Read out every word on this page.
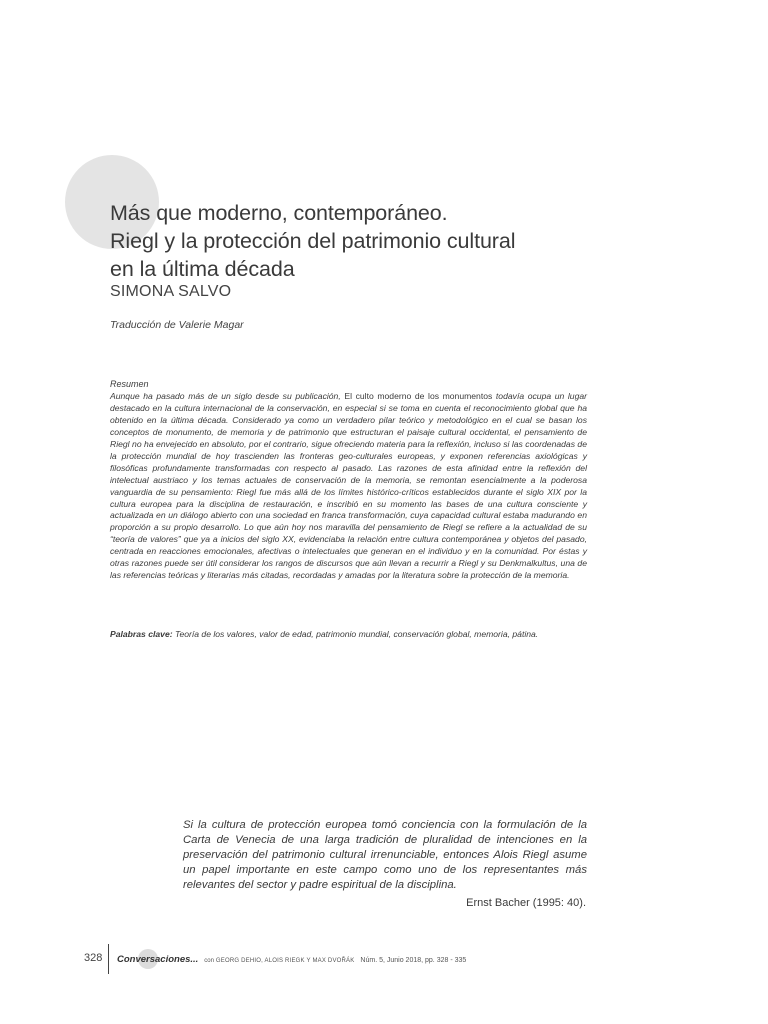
Más que moderno, contemporáneo.
Riegl y la protección del patrimonio cultural
en la última década
SIMONA SALVO
Traducción de Valerie Magar
Resumen
Aunque ha pasado más de un siglo desde su publicación, El culto moderno de los monumentos todavía ocupa un lugar destacado en la cultura internacional de la conservación, en especial si se toma en cuenta el reconocimiento global que ha obtenido en la última década. Considerado ya como un verdadero pilar teórico y metodológico en el cual se basan los conceptos de monumento, de memoria y de patrimonio que estructuran el paisaje cultural occidental, el pensamiento de Riegl no ha envejecido en absoluto, por el contrario, sigue ofreciendo materia para la reflexión, incluso si las coordenadas de la protección mundial de hoy trascienden las fronteras geo-culturales europeas, y exponen referencias axiológicas y filosóficas profundamente transformadas con respecto al pasado. Las razones de esta afinidad entre la reflexión del intelectual austriaco y los temas actuales de conservación de la memoria, se remontan esencialmente a la poderosa vanguardia de su pensamiento: Riegl fue más allá de los límites histórico-críticos establecidos durante el siglo XIX por la cultura europea para la disciplina de restauración, e inscribió en su momento las bases de una cultura consciente y actualizada en un diálogo abierto con una sociedad en franca transformación, cuya capacidad cultural estaba madurando en proporción a su propio desarrollo. Lo que aún hoy nos maravilla del pensamiento de Riegl se refiere a la actualidad de su “teoría de valores” que ya a inicios del siglo XX, evidenciaba la relación entre cultura contemporánea y objetos del pasado, centrada en reacciones emocionales, afectivas o intelectuales que generan en el individuo y en la comunidad. Por éstas y otras razones puede ser útil considerar los rangos de discursos que aún llevan a recurrir a Riegl y su Denkmalkultus, una de las referencias teóricas y literarias más citadas, recordadas y amadas por la literatura sobre la protección de la memoria.
Palabras clave: Teoría de los valores, valor de edad, patrimonio mundial, conservación global, memoria, pátina.
Si la cultura de protección europea tomó conciencia con la formulación de la Carta de Venecia de una larga tradición de pluralidad de intenciones en la preservación del patrimonio cultural irrenunciable, entonces Alois Riegl asume un papel importante en este campo como uno de los representantes más relevantes del sector y padre espiritual de la disciplina.
Ernst Bacher (1995: 40).
328 Conversaciones... con GEORG DEHIO, ALOIS RIEGK Y MAX DVOŘÁK Núm. 5, Junio 2018, pp. 328 - 335
